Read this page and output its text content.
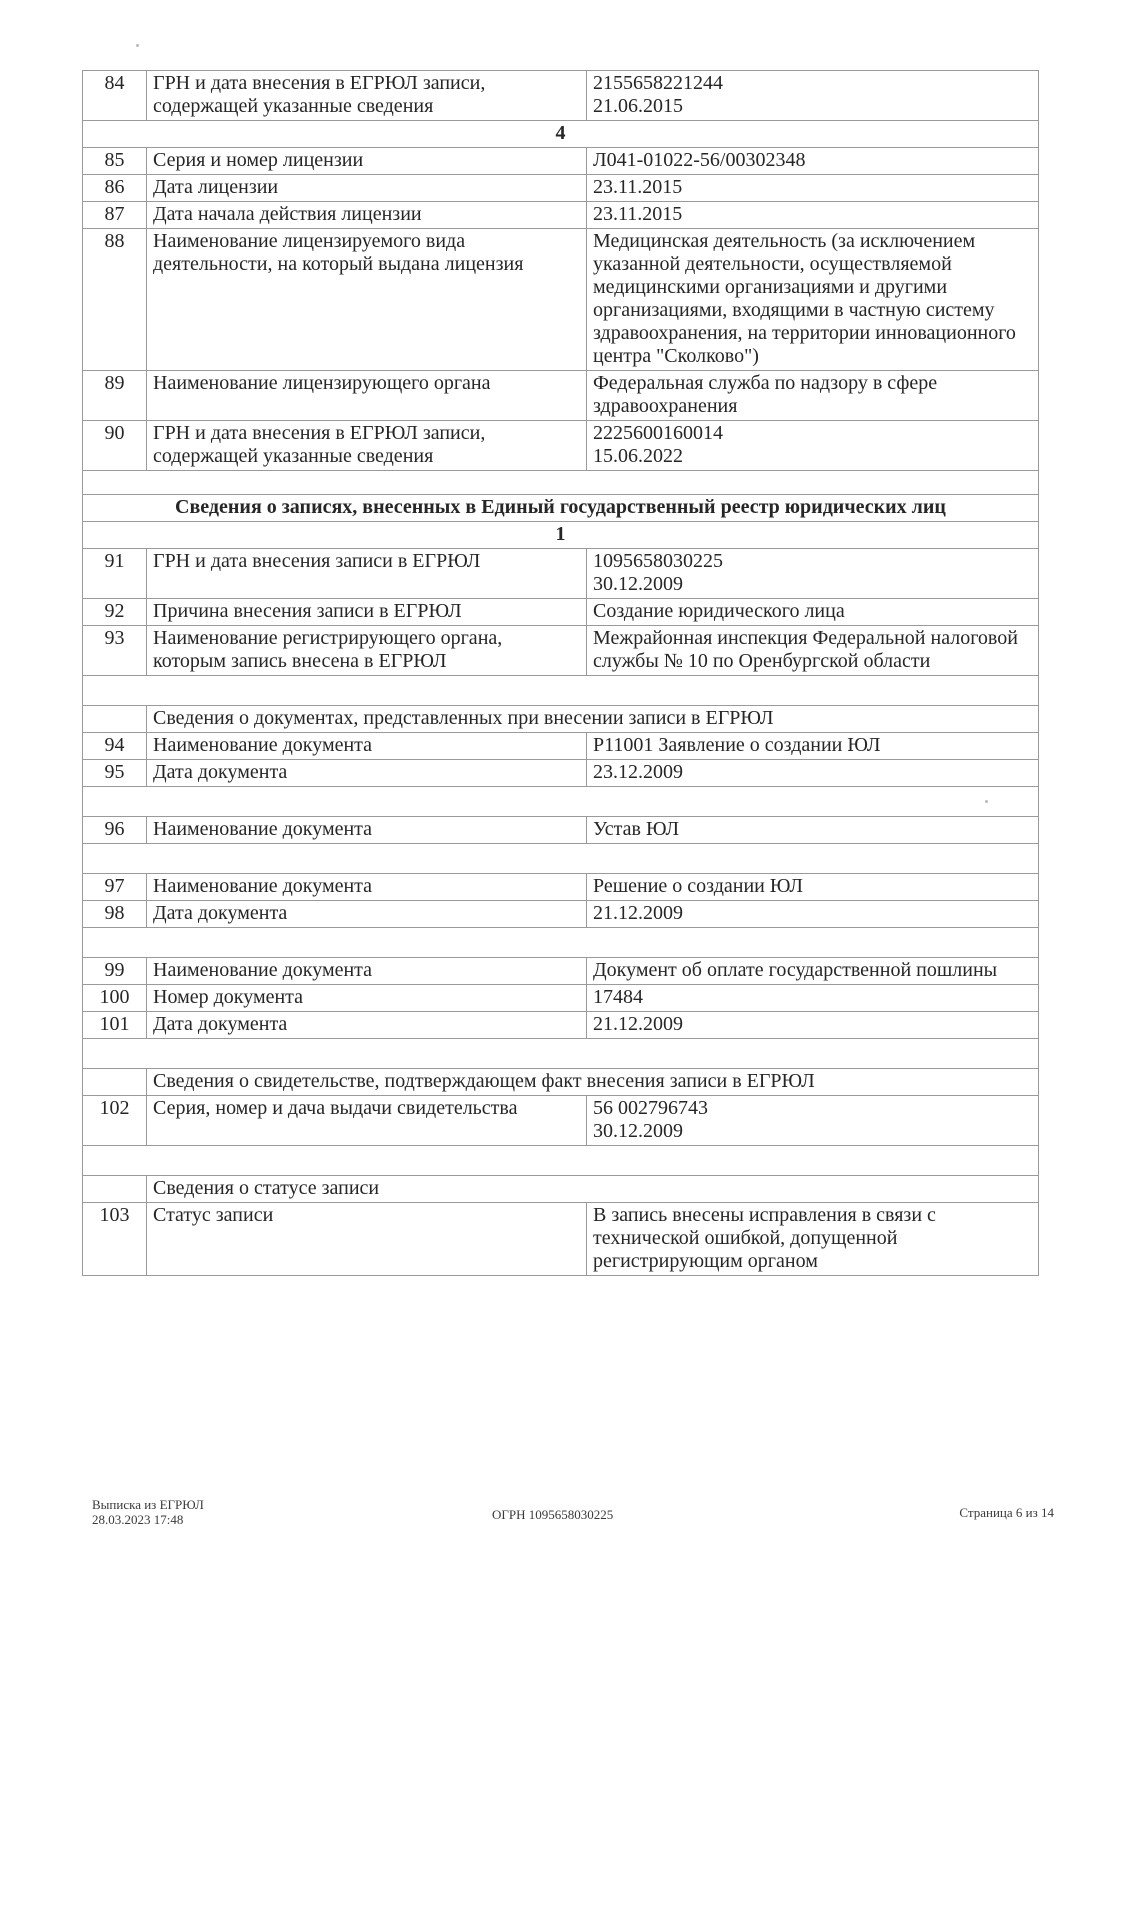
84	ГРН и дата внесения в ЕГРЮЛ записи, содержащей указанные сведения	2155658221244
21.06.2015
4		
85	Серия и номер лицензии	Л041-01022-56/00302348
86	Дата лицензии	23.11.2015
87	Дата начала действия лицензии	23.11.2015
88	Наименование лицензируемого вида деятельности, на который выдана лицензия	Медицинская деятельность (за исключением указанной деятельности, осуществляемой медицинскими организациями и другими организациями, входящими в частную систему здравоохранения, на территории инновационного центра "Сколково")
89	Наименование лицензирующего органа	Федеральная служба по надзору в сфере здравоохранения
90	ГРН и дата внесения в ЕГРЮЛ записи, содержащей указанные сведения	2225600160014
15.06.2022

Сведения о записях, внесенных в Единый государственный реестр юридических лиц		
1		
91	ГРН и дата внесения записи в ЕГРЮЛ	1095658030225
30.12.2009
92	Причина внесения записи в ЕГРЮЛ	Создание юридического лица
93	Наименование регистрирующего органа, которым запись внесена в ЕГРЮЛ	Межрайонная инспекция Федеральной налоговой службы № 10 по Оренбургской области

	Сведения о документах, представленных при внесении записи в ЕГРЮЛ	
94	Наименование документа	Р11001 Заявление о создании ЮЛ
95	Дата документа	23.12.2009

96	Наименование документа	Устав ЮЛ

97	Наименование документа	Решение о создании ЮЛ
98	Дата документа	21.12.2009

99	Наименование документа	Документ об оплате государственной пошлины
100	Номер документа	17484
101	Дата документа	21.12.2009

	Сведения о свидетельстве, подтверждающем факт внесения записи в ЕГРЮЛ	
102	Серия, номер и дача выдачи свидетельства	56 002796743
30.12.2009

	Сведения о статусе записи	
103	Статус записи	В запись внесены исправления в связи с технической ошибкой, допущенной регистрирующим органом
Выписка из ЕГРЮЛ
28.03.2023 17:48	ОГРН 1095658030225	Страница 6 из 14
